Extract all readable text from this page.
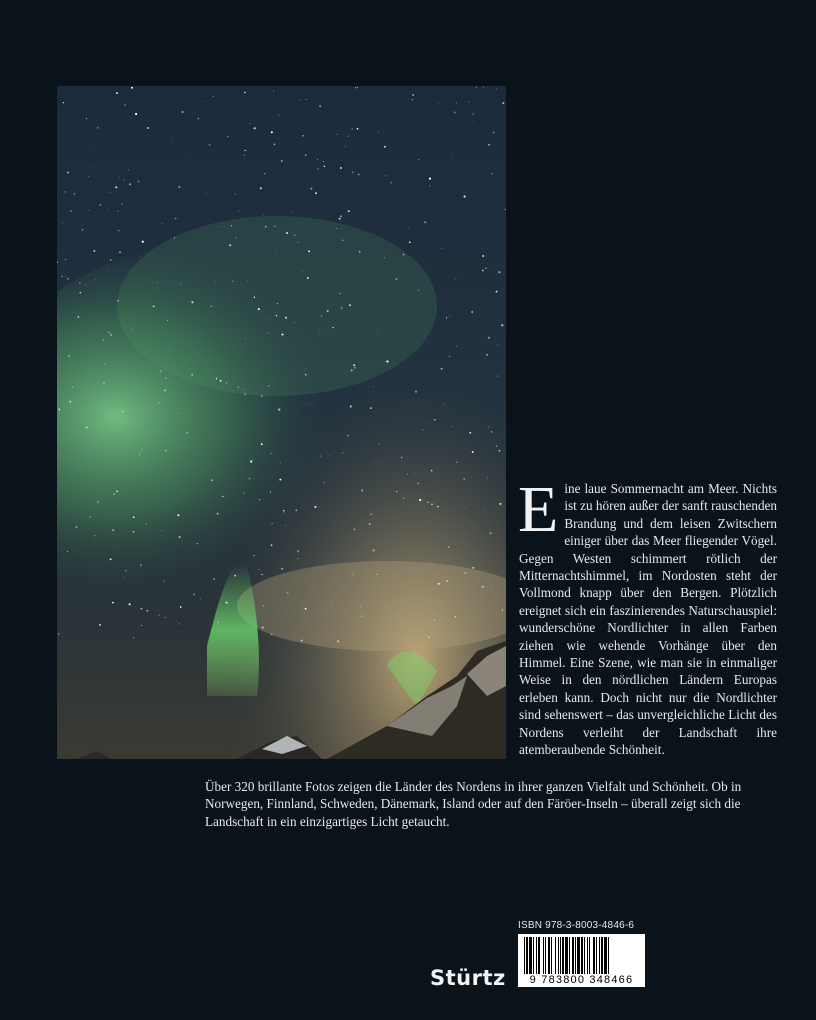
Eine laue Sommernacht am Meer. Nichts ist zu hören außer der sanft rauschenden Brandung und dem leisen Zwitschern einiger über das Meer fliegender Vögel. Gegen Westen schimmert rötlich der Mitternachtshimmel, im Nordosten steht der Vollmond knapp über den Bergen. Plötzlich ereignet sich ein faszinierendes Naturschauspiel: wunderschöne Nordlichter in allen Farben ziehen wie wehende Vorhänge über den Himmel. Eine Szene, wie man sie in einmaliger Weise in den nördlichen Ländern Europas erleben kann. Doch nicht nur die Nordlichter sind sehenswert – das unvergleichliche Licht des Nordens verleiht der Landschaft ihre atemberaubende Schönheit.

Über 320 brillante Fotos zeigen die Länder des Nordens in ihrer ganzen Vielfalt und Schönheit. Ob in Norwegen, Finnland, Schweden, Dänemark, Island oder auf den Färöer-Inseln – überall zeigt sich die Landschaft in ein einzigartiges Licht getaucht.

ISBN 978-3-8003-4846-6
9 783800 348466
Stürtz
